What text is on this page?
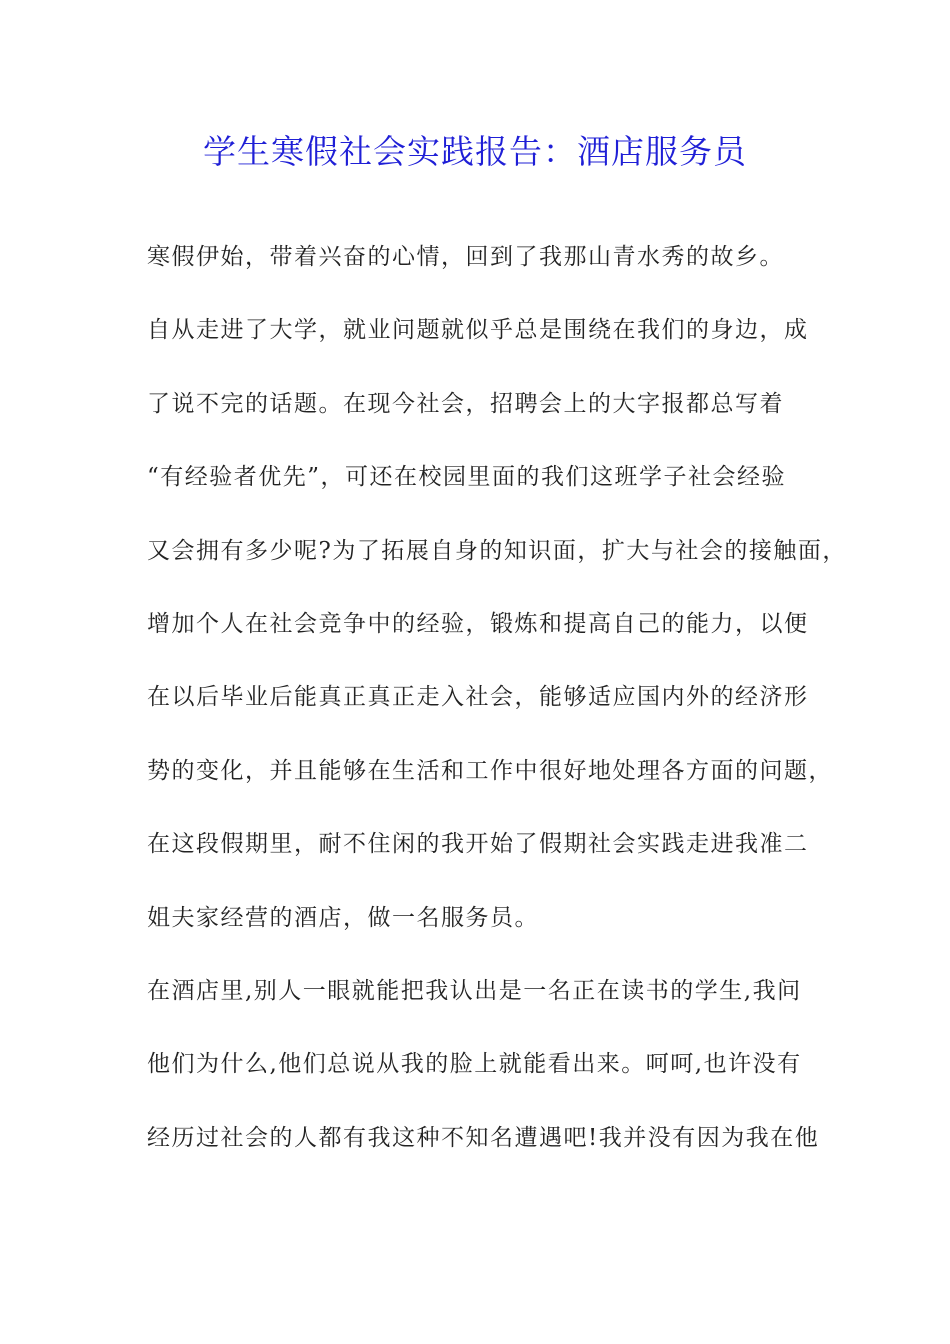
学生寒假社会实践报告：酒店服务员
寒假伊始，带着兴奋的心情，回到了我那山青水秀的故乡。
自从走进了大学，就业问题就似乎总是围绕在我们的身边，成
了说不完的话题。在现今社会，招聘会上的大字报都总写着
“有经验者优先”，可还在校园里面的我们这班学子社会经验
又会拥有多少呢?为了拓展自身的知识面，扩大与社会的接触面，
增加个人在社会竞争中的经验，锻炼和提高自己的能力，以便
在以后毕业后能真正真正走入社会，能够适应国内外的经济形
势的变化，并且能够在生活和工作中很好地处理各方面的问题，
在这段假期里，耐不住闲的我开始了假期社会实践走进我准二
姐夫家经营的酒店，做一名服务员。
在酒店里,别人一眼就能把我认出是一名正在读书的学生,我问
他们为什么,他们总说从我的脸上就能看出来。呵呵,也许没有
经历过社会的人都有我这种不知名遭遇吧!我并没有因为我在他
